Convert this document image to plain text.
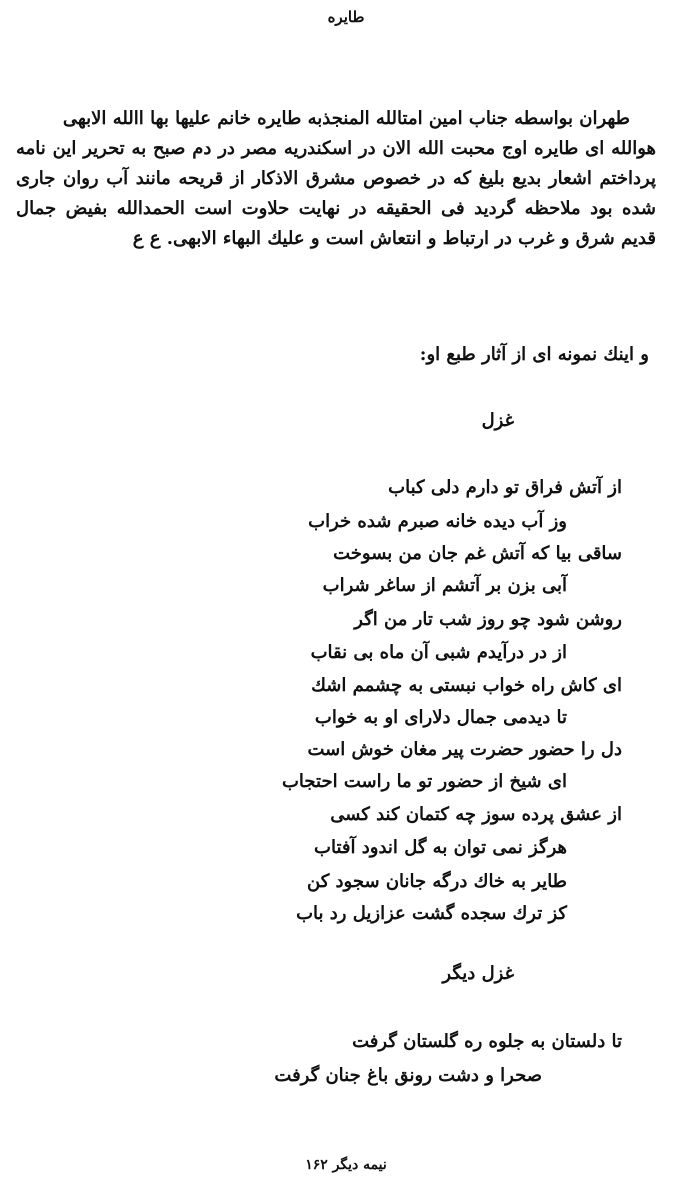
طایره

طهران بواسطه جناب امین امتالله المنجذبه طایره خانم علیها بها االله الابهی

هوالله ای طایره اوج محبت الله الان در اسکندریه مصر در دم صبح به تحریر این نامه پرداختم اشعار بدیع بلیغ که در خصوص مشرق الاذکار از قریحه مانند آب روان جاری شده بود ملاحظه گردید فی الحقیقه در نهایت حلاوت است الحمدالله بفیض جمال قدیم شرق و غرب در ارتباط و انتعاش است و علیك البهاء الابهی. ع ع

و اینك نمونه ای از آثار طبع او:
غزل
از آتش فراق تو دارم دلی کباب
وز آب دیده خانه صبرم شده خراب
ساقی بیا که آتش غم جان من بسوخت
آبی بزن بر آتشم از ساغر شراب
روشن شود چو روز شب تار من اگر
از در درآیدم شبی آن ماه بی نقاب
ای کاش راه خواب نبستی به چشمم اشك
تا دیدمی جمال دلارای او به خواب
دل را حضور حضرت پیر مغان خوش است
ای شیخ از حضور تو ما راست احتجاب
از عشق پرده سوز چه کتمان کند کسی
هرگز نمی توان به گل اندود آفتاب
طایر به خاك درگه جانان سجود کن
کز ترك سجده گشت عزازیل رد باب
غزل دیگر
تا دلستان به جلوه ره گلستان گرفت
صحرا و دشت رونق باغ جنان گرفت
نیمه دیگر ۱۶۲
